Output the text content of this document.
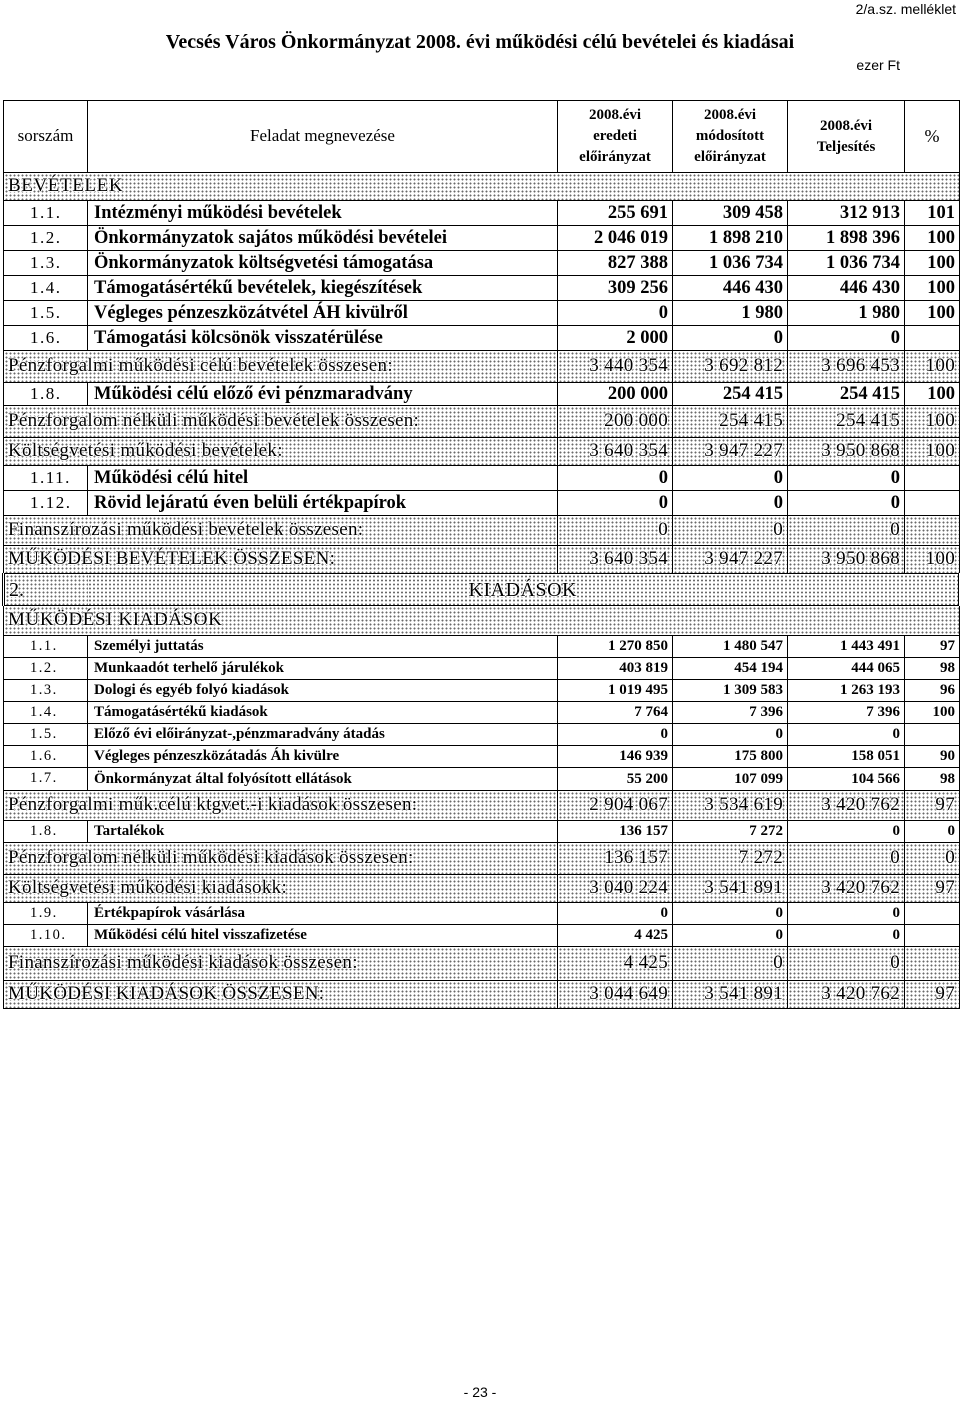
2/a.sz. melléklet
Vecsés Város Önkormányzat 2008. évi működési célú bevételei és kiadásai
ezer Ft
sorszám	Feladat megnevezése	2008.évi
eredeti
előirányzat	2008.évi
módosított
előirányzat	2008.évi
Teljesítés	%
BEVÉTELEK					
1.1.	Intézményi működési bevételek	255 691	309 458	312 913	101
1.2.	Önkormányzatok sajátos működési bevételei	2 046 019	1 898 210	1 898 396	100
1.3.	Önkormányzatok költségvetési támogatása	827 388	1 036 734	1 036 734	100
1.4.	Támogatásértékű bevételek, kiegészítések	309 256	446 430	446 430	100
1.5.	Végleges pénzeszközátvétel ÁH kivülről	0	1 980	1 980	100
1.6.	Támogatási kölcsönök visszatérülése	2 000	0	0	
Pénzforgalmi működési célú bevételek összesen:		3 440 354	3 692 812	3 696 453	100
1.8.	Működési célú előző évi pénzmaradvány	200 000	254 415	254 415	100
Pénzforgalom nélküli működési bevételek összesen:		200 000	254 415	254 415	100
Költségvetési működési bevételek:		3 640 354	3 947 227	3 950 868	100
1.11.	Működési célú hitel	0	0	0	
1.12.	Rövid lejáratú éven belüli értékpapírok	0	0	0	
Finanszírozási működési bevételek összesen:		0	0	0	
MŰKÖDÉSI BEVÉTELEK ÖSSZESEN:		3 640 354	3 947 227	3 950 868	100
2.	KIADÁSOK				
MŰKÖDÉSI KIADÁSOK					
1.1.	Személyi juttatás	1 270 850	1 480 547	1 443 491	97
1.2.	Munkaadót terhelő járulékok	403 819	454 194	444 065	98
1.3.	Dologi és egyéb folyó kiadások	1 019 495	1 309 583	1 263 193	96
1.4.	Támogatásértékű kiadások	7 764	7 396	7 396	100
1.5.	Előző évi előirányzat-,pénzmaradvány átadás	0	0	0	
1.6.	Végleges pénzeszközátadás Áh kivülre	146 939	175 800	158 051	90
1.7.	Önkormányzat által folyósított ellátások	55 200	107 099	104 566	98
Pénzforgalmi műk.célú ktgvet.-i kiadások összesen:		2 904 067	3 534 619	3 420 762	97
1.8.	Tartalékok	136 157	7 272	0	0
Pénzforgalom nélküli működési kiadások összesen:		136 157	7 272	0	0
Költségvetési működési kiadásokk:		3 040 224	3 541 891	3 420 762	97
1.9.	Értékpapírok vásárlása	0	0	0	
1.10.	Működési célú hitel visszafizetése	4 425	0	0	
Finanszírozási működési kiadások összesen:		4 425	0	0	
MŰKÖDÉSI KIADÁSOK ÖSSZESEN:		3 044 649	3 541 891	3 420 762	97
- 23 -
